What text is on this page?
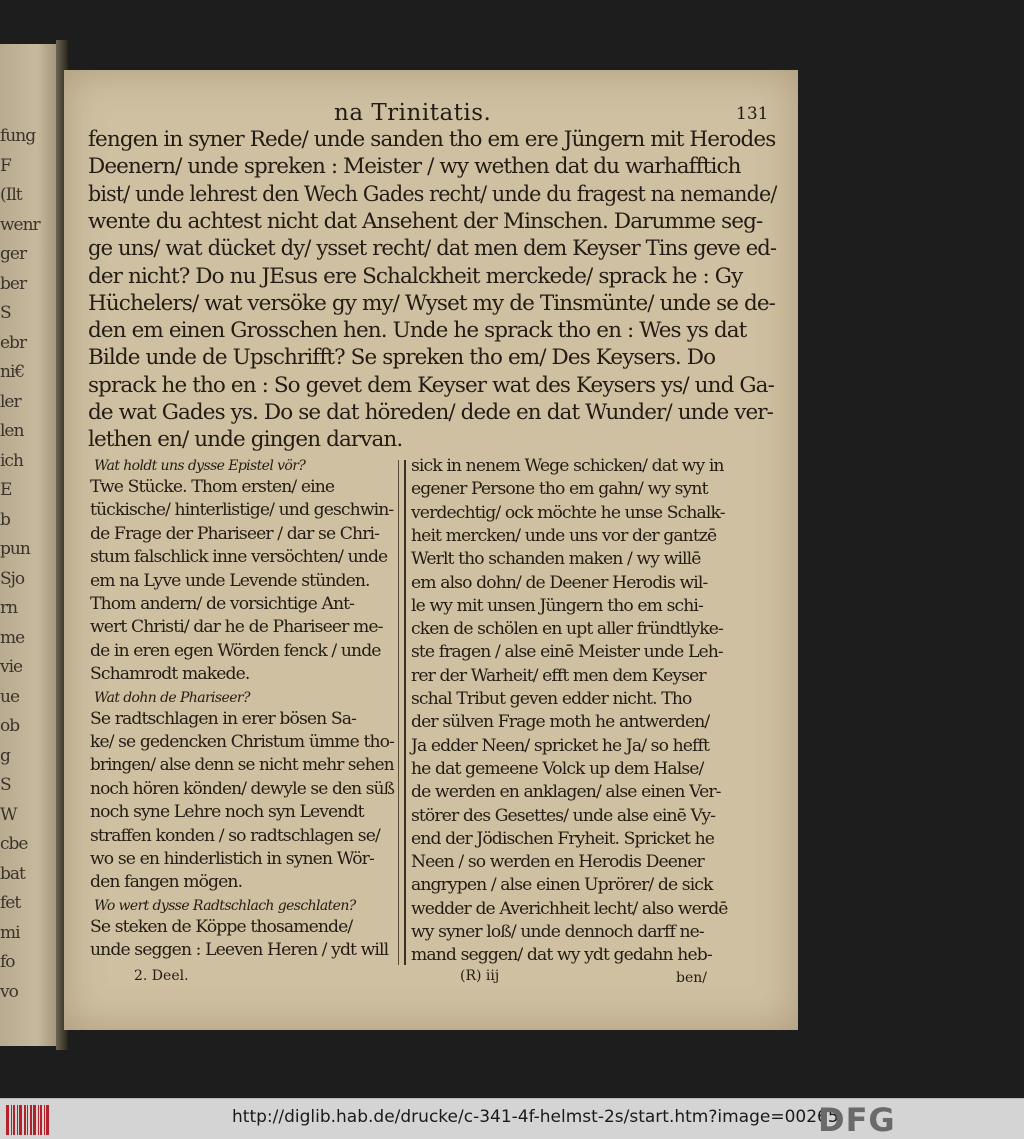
fung
F
(Ilt
wenr
ger
ber
S
ebr
ni€
ler
len
ich
E
b
pun
Sjo
rn
me
vie
ue
ob
g
S
W
cbe
bat
fet
mi
fo
vo
na Trinitatis.	131
fengen in syner Rede/ unde sanden tho em ere Jüngern mit Herodes
Deenern/ unde spreken : Meister / wy wethen dat du warhafftich
bist/ unde lehrest den Wech Gades recht/ unde du fragest na nemande/
wente du achtest nicht dat Ansehent der Minschen. Darumme seg-
ge uns/ wat dücket dy/ ysset recht/ dat men dem Keyser Tins geve ed-
der nicht? Do nu JEsus ere Schalckheit merckede/ sprack he : Gy
Hüchelers/ wat versöke gy my/ Wyset my de Tinsmünte/ unde se de-
den em einen Grosschen hen. Unde he sprack tho en : Wes ys dat
Bilde unde de Upschrifft? Se spreken tho em/ Des Keysers. Do
sprack he tho en : So gevet dem Keyser wat des Keysers ys/ und Ga-
de wat Gades ys. Do se dat höreden/ dede en dat Wunder/ unde ver-
lethen en/ unde gingen darvan.
Wat holdt uns dysse Epistel vör?
Twe Stücke. Thom ersten/ eine
tückische/ hinterlistige/ und geschwin-
de Frage der Phariseer / dar se Chri-
stum falschlick inne versöchten/ unde
em na Lyve unde Levende stünden.
Thom andern/ de vorsichtige Ant-
wert Christi/ dar he de Phariseer me-
de in eren egen Wörden fenck / unde
Schamrodt makede.
Wat dohn de Phariseer?
Se radtschlagen in erer bösen Sa-
ke/ se gedencken Christum ümme tho-
bringen/ alse denn se nicht mehr sehen
noch hören könden/ dewyle se den süß
noch syne Lehre noch syn Levendt
straffen konden / so radtschlagen se/
wo se en hinderlistich in synen Wör-
den fangen mögen.
Wo wert dysse Radtschlach geschlaten?
Se steken de Köppe thosamende/
unde seggen : Leeven Heren / ydt will
sick in nenem Wege schicken/ dat wy in
egener Persone tho em gahn/ wy synt
verdechtig/ ock möchte he unse Schalk-
heit mercken/ unde uns vor der gantzē
Werlt tho schanden maken / wy willē
em also dohn/ de Deener Herodis wil-
le wy mit unsen Jüngern tho em schi-
cken de schölen en upt aller fründtlyke-
ste fragen / alse einē Meister unde Leh-
rer der Warheit/ efft men dem Keyser
schal Tribut geven edder nicht. Tho
der sülven Frage moth he antwerden/
Ja edder Neen/ spricket he Ja/ so hefft
he dat gemeene Volck up dem Halse/
de werden en anklagen/ alse einen Ver-
störer des Gesettes/ unde alse einē Vy-
end der Jödischen Fryheit. Spricket he
Neen / so werden en Herodis Deener
angrypen / alse einen Uprörer/ de sick
wedder de Averichheit lecht/ also werdē
wy syner loß/ unde dennoch darff ne-
mand seggen/ dat wy ydt gedahn heb-
2. Deel.	(R) iij	ben/
http://diglib.hab.de/drucke/c-341-4f-helmst-2s/start.htm?image=00265
DFG
